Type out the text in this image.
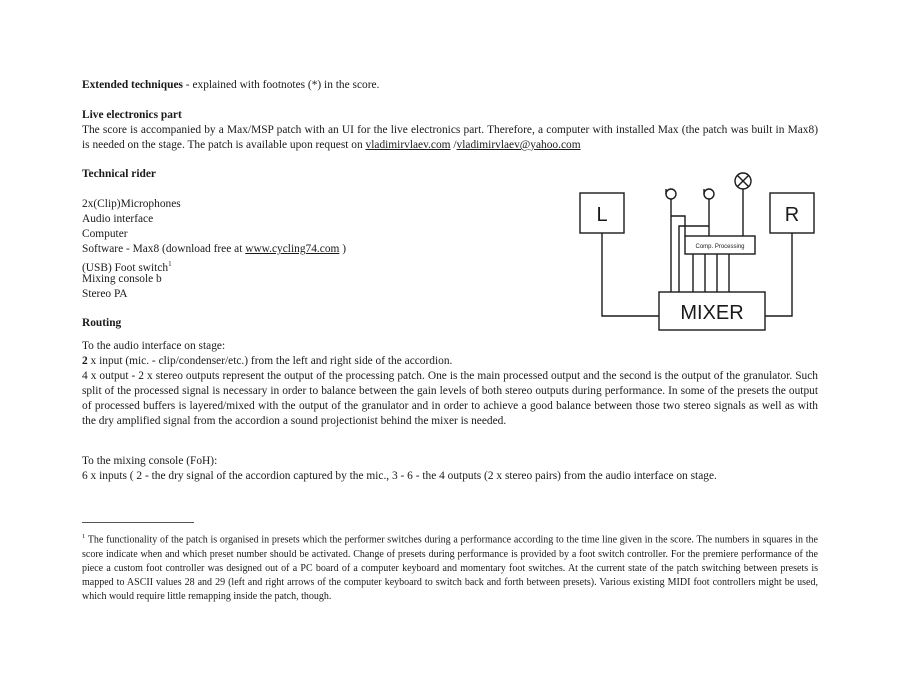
Extended techniques - explained with footnotes (*) in the score.
Live electronics part
The score is accompanied by a Max/MSP patch with an UI for the live electronics part. Therefore, a computer with installed Max (the patch was built in Max8) is needed on the stage. The patch is available upon request on vladimirvlaev.com /vladimirvlaev@yahoo.com
Technical rider
2x(Clip)Microphones
Audio interface
Computer
Software - Max8 (download free at www.cycling74.com )
(USB) Foot switch$^1$
Mixing console b
Stereo PA
Routing
To the audio interface on stage:
2 x input (mic. - clip/condenser/etc.) from the left and right side of the accordion.
4 x output - 2 x stereo outputs represent the output of the processing patch. One is the main processed output and the second is the output of the granulator. Such split of the processed signal is necessary in order to balance between the gain levels of both stereo outputs during performance. In some of the presets the output of processed buffers is layered/mixed with the output of the granulator and in order to achieve a good balance between those two stereo signals as well as with the dry amplified signal from the accordion a sound projectionist behind the mixer is needed.
To the mixing console (FoH):
6 x inputs ( 2 - the dry signal of the accordion captured by the mic., 3 - 6 - the 4 outputs (2 x stereo pairs) from the audio interface on stage.
$^1$ The functionality of the patch is organised in presets which the performer switches during a performance according to the time line given in the score. The numbers in squares in the score indicate when and which preset number should be activated. Change of presets during performance is provided by a foot switch controller. For the premiere performance of the piece a custom foot controller was designed out of a PC board of a computer keyboard and momentary foot switches. At the current state of the patch switching between presets is mapped to ASCII values 28 and 29 (left and right arrows of the computer keyboard to switch back and forth between presets). Various existing MIDI foot controllers might be used, which would require little remapping inside the patch, though.
L	R
Comp. Processing
MIXER
